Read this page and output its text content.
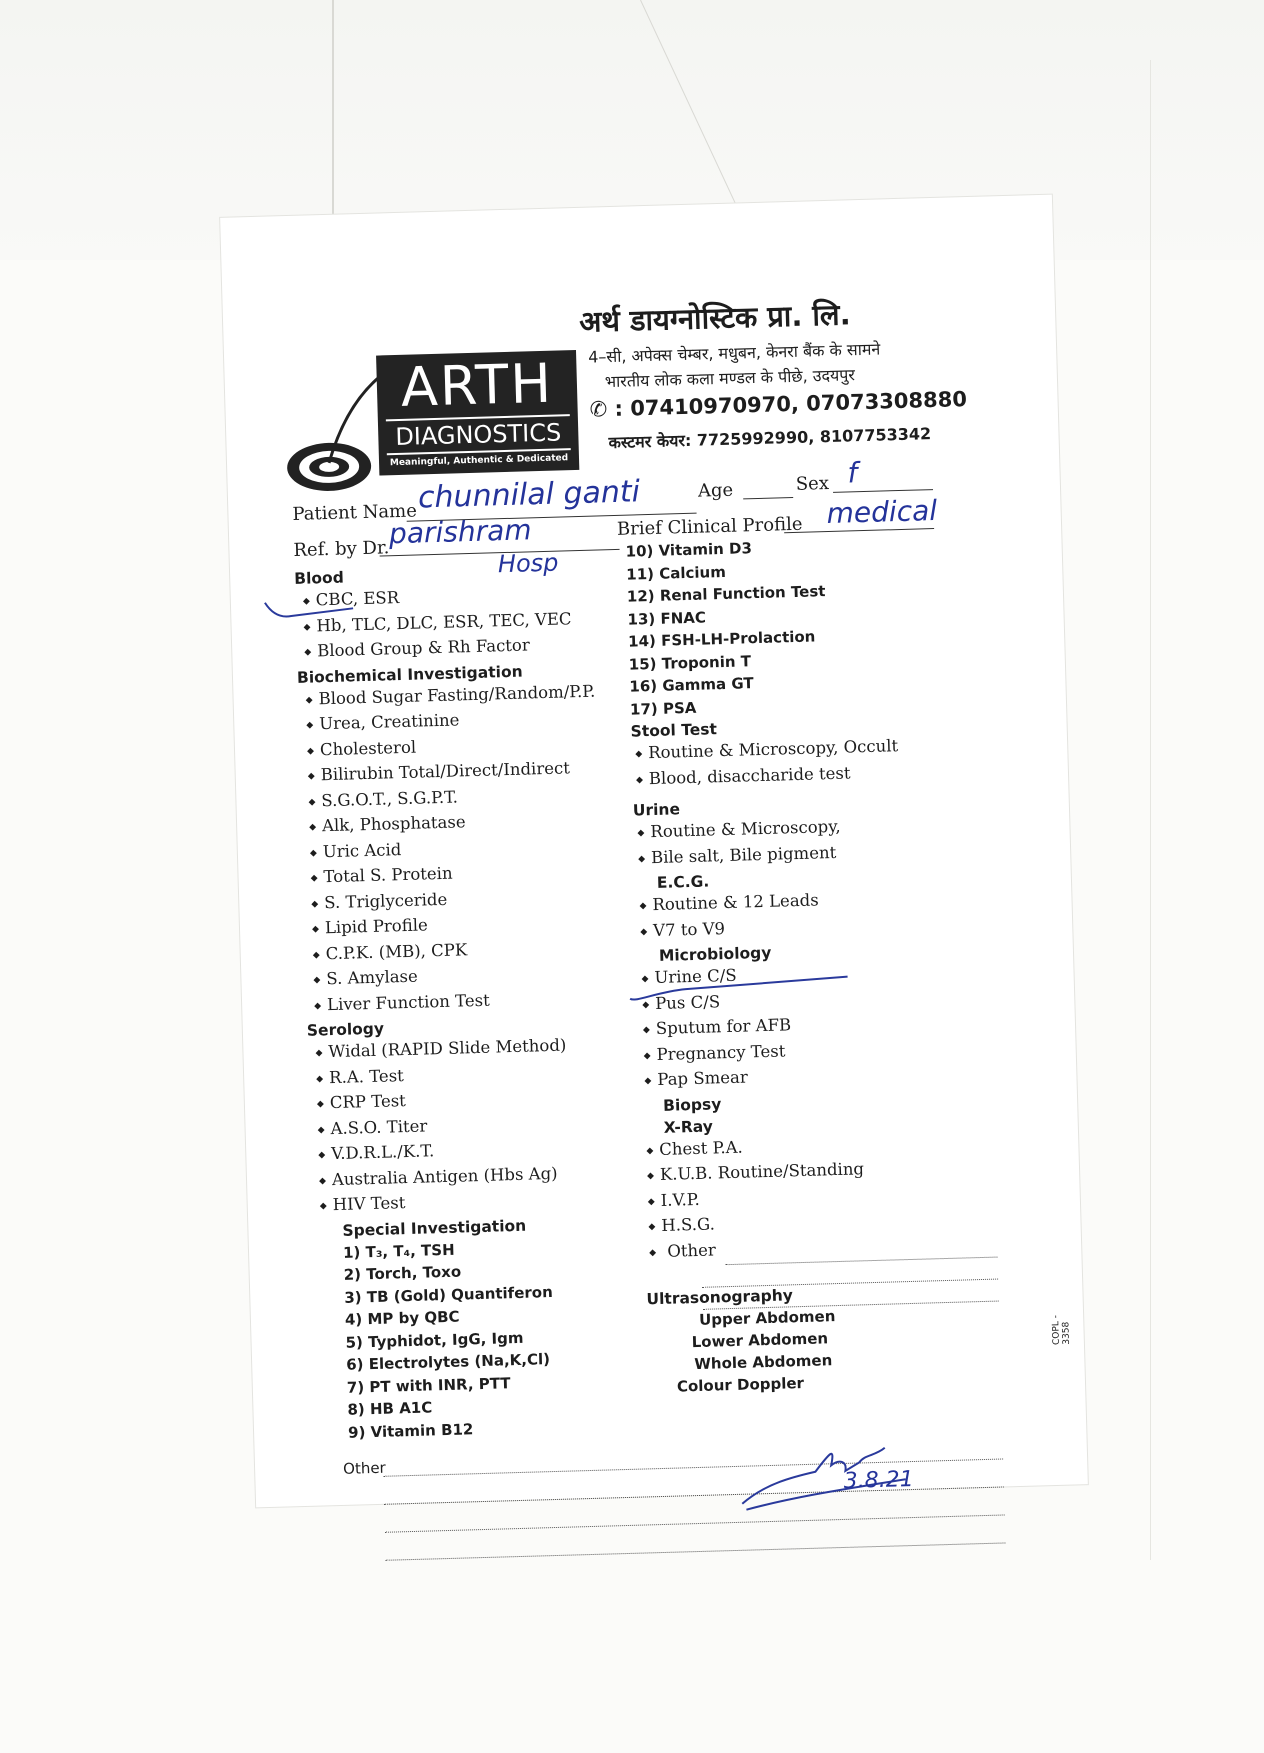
ARTH
DIAGNOSTICS
Meaningful, Authentic & Dedicated
अर्थ डायग्नोस्टिक प्रा. लि.
4–सी, अपेक्स चेम्बर, मधुबन, केनरा बैंक के सामने
भारतीय लोक कला मण्डल के पीछे, उदयपुर
✆ : 07410970970, 07073308880
कस्टमर केयर: 7725992990, 8107753342
Patient Name chunnilal ganti	Age	Sex f
Brief Clinical Profile medical
Ref. by Dr.
parishram
Hosp
Blood
◆ CBC, ESR
◆ Hb, TLC, DLC, ESR, TEC, VEC
◆ Blood Group & Rh Factor
Biochemical Investigation
◆ Blood Sugar Fasting/Random/P.P.
◆ Urea, Creatinine
◆ Cholesterol
◆ Bilirubin Total/Direct/Indirect
◆ S.G.O.T., S.G.P.T.
◆ Alk, Phosphatase
◆ Uric Acid
◆ Total S. Protein
◆ S. Triglyceride
◆ Lipid Profile
◆ C.P.K. (MB), CPK
◆ S. Amylase
◆ Liver Function Test
Serology
◆ Widal (RAPID Slide Method)
◆ R.A. Test
◆ CRP Test
◆ A.S.O. Titer
◆ V.D.R.L./K.T.
◆ Australia Antigen (Hbs Ag)
◆ HIV Test
Special Investigation
1) T₃, T₄, TSH
2) Torch, Toxo
3) TB (Gold) Quantiferon
4) MP by QBC
5) Typhidot, IgG, Igm
6) Electrolytes (Na,K,Cl)
7) PT with INR, PTT
8) HB A1C
9) Vitamin B12
Other
10) Vitamin D3
11) Calcium
12) Renal Function Test
13) FNAC
14) FSH-LH-Prolaction
15) Troponin T
16) Gamma GT
17) PSA
Stool Test
◆ Routine & Microscopy, Occult
◆ Blood, disaccharide test
Urine
◆ Routine & Microscopy,
◆ Bile salt, Bile pigment
E.C.G.
◆ Routine & 12 Leads
◆ V7 to V9
Microbiology
◆ Urine C/S
◆ Pus C/S
◆ Sputum for AFB
◆ Pregnancy Test
◆ Pap Smear
Biopsy
X-Ray
◆ Chest P.A.
◆ K.U.B. Routine/Standing
◆ I.V.P.
◆ H.S.G.
◆ Other
Ultrasonography
Upper Abdomen
Lower Abdomen
Whole Abdomen
Colour Doppler
3.8.21
COPL - 3358
